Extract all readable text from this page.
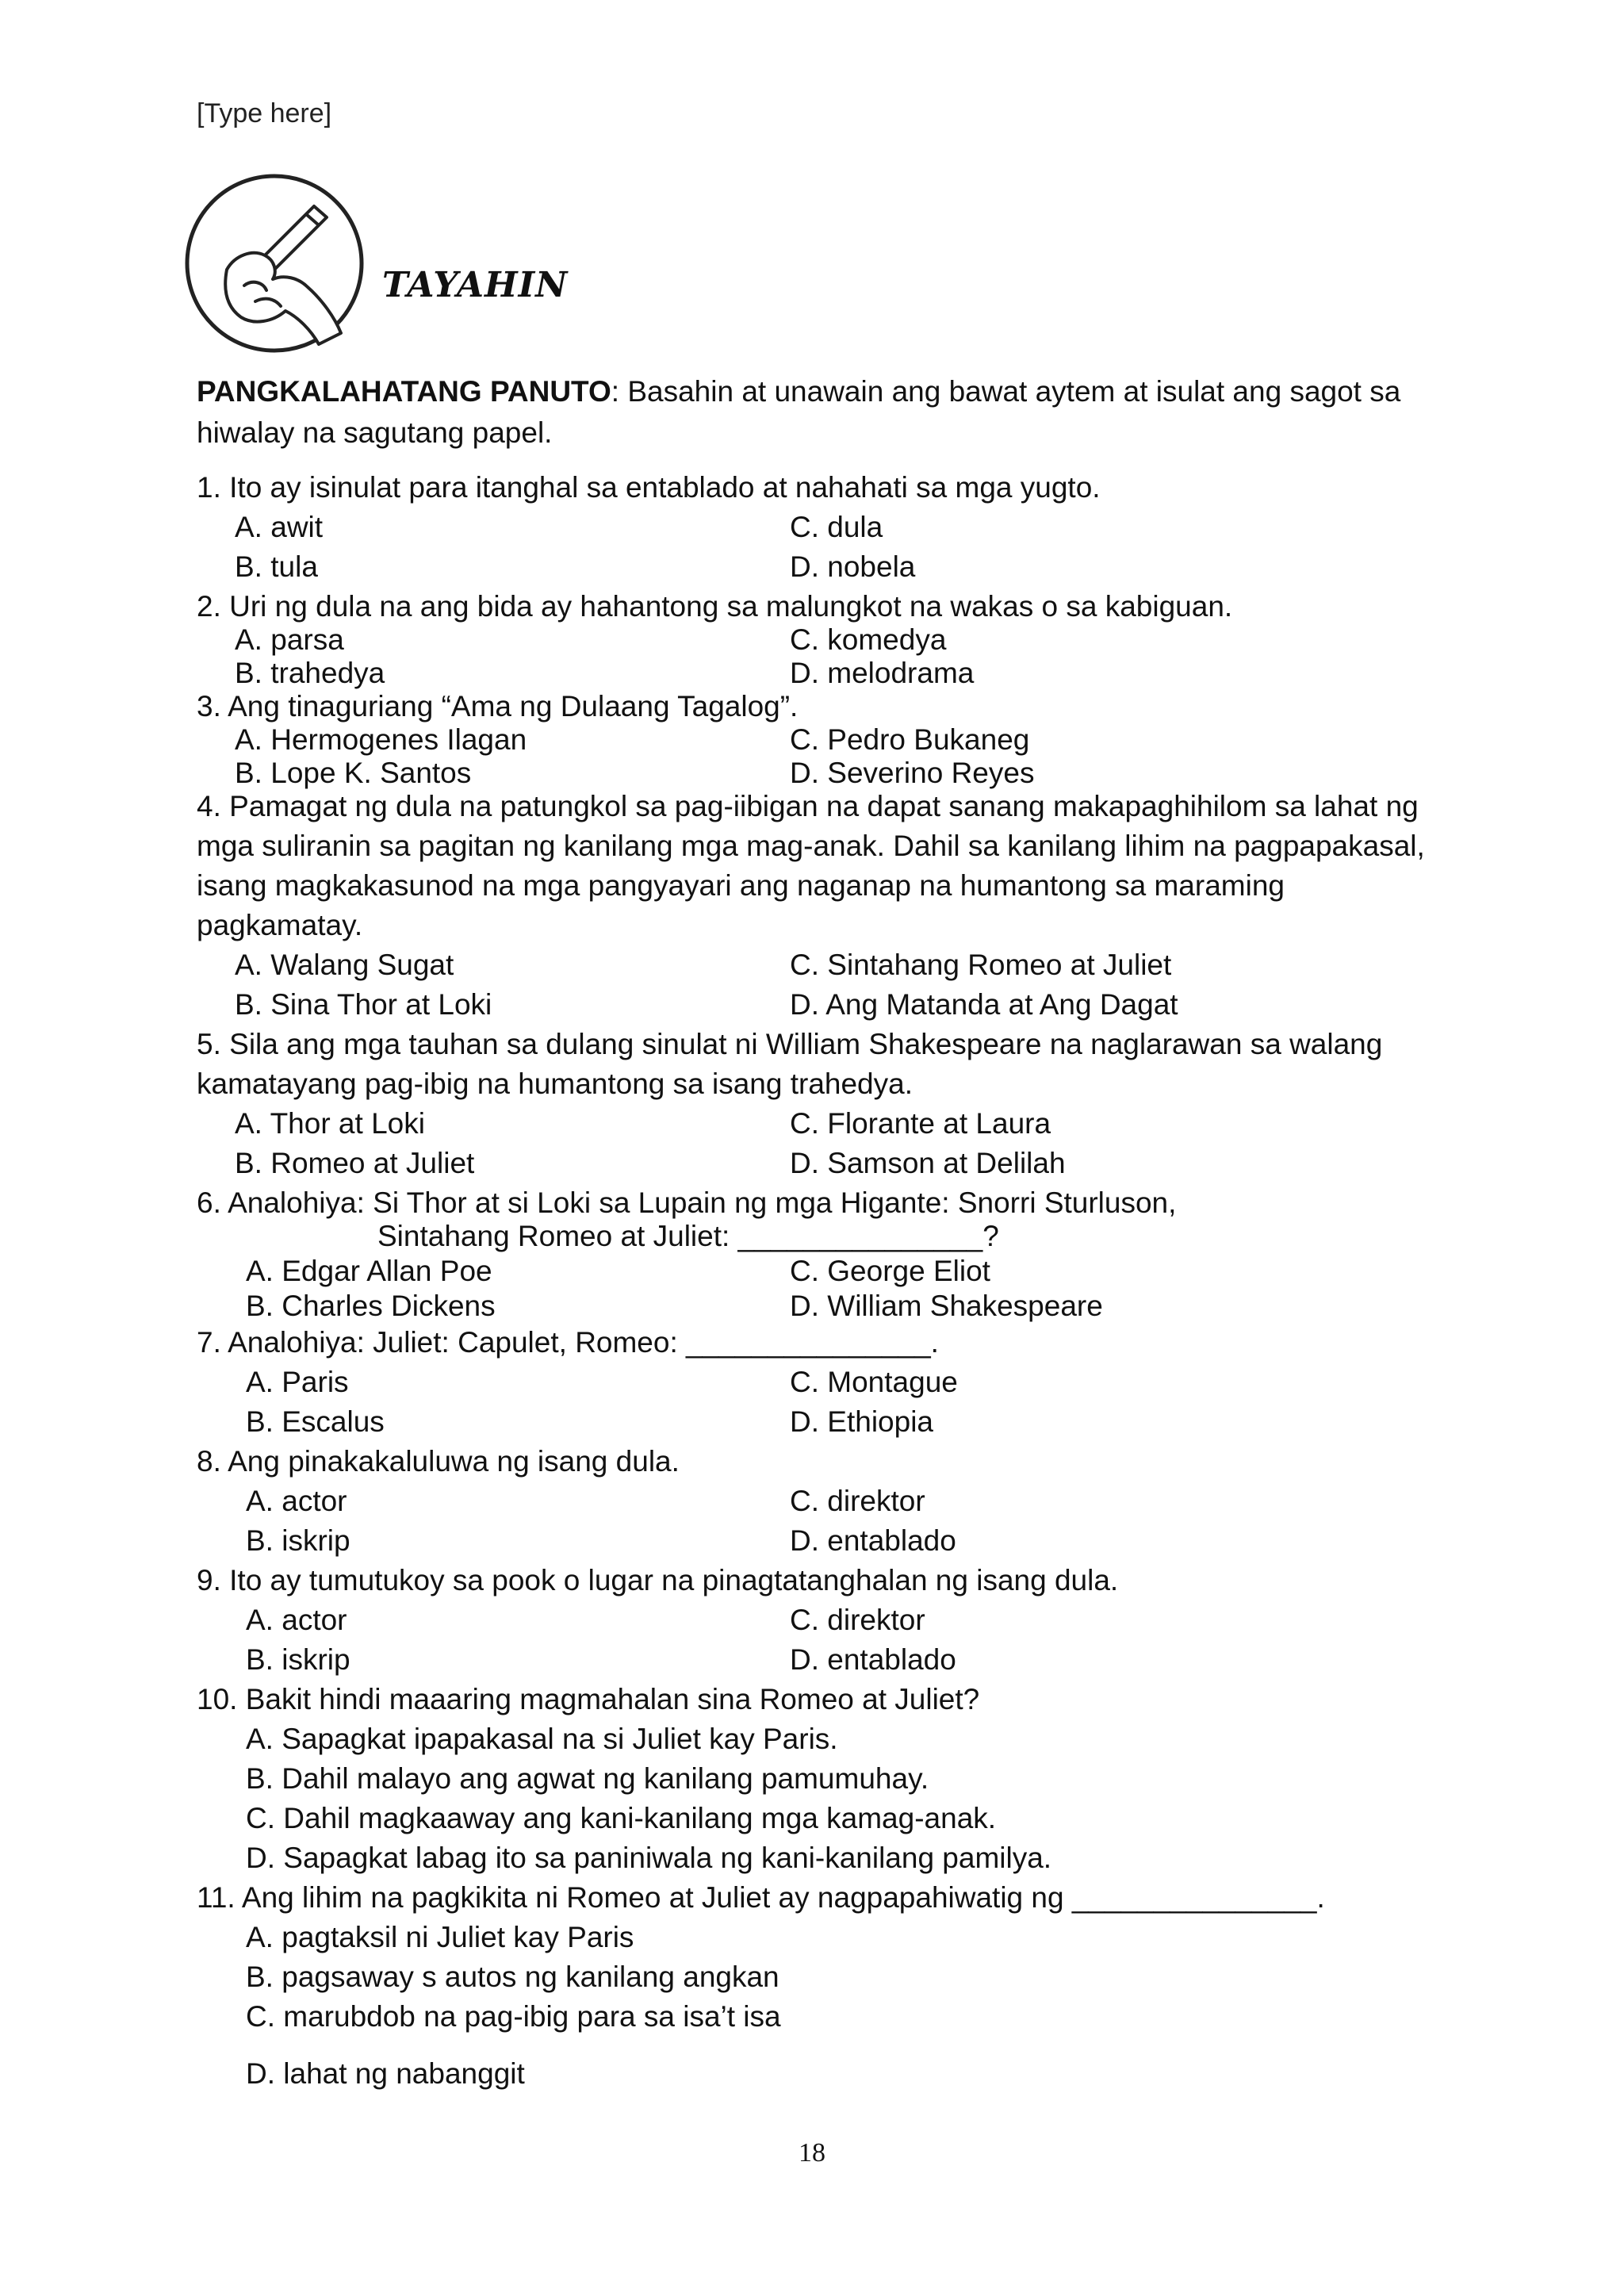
[Type here]
TAYAHIN
PANGKALAHATANG PANUTO: Basahin at unawain ang bawat aytem at isulat ang sagot sa hiwalay na sagutang papel.
1. Ito ay isinulat para itanghal sa entablado at nahahati sa mga yugto.
A. awit	C. dula
B. tula	D. nobela
2. Uri ng dula na ang bida ay hahantong sa malungkot na wakas o sa kabiguan.
A. parsa	C. komedya
B. trahedya	D. melodrama
3. Ang tinaguriang “Ama ng Dulaang Tagalog”.
A. Hermogenes Ilagan	C. Pedro Bukaneg
B. Lope K. Santos	D. Severino Reyes
4. Pamagat ng dula na patungkol sa pag-iibigan na dapat sanang makapaghihilom sa lahat ng mga suliranin sa pagitan ng kanilang mga mag-anak. Dahil sa kanilang lihim na pagpapakasal, isang magkakasunod na mga pangyayari ang naganap na humantong sa maraming pagkamatay.
A. Walang Sugat	C. Sintahang Romeo at Juliet
B. Sina Thor at Loki	D. Ang Matanda at Ang Dagat
5. Sila ang mga tauhan sa dulang sinulat ni William Shakespeare na naglarawan sa walang kamatayang pag-ibig na humantong sa isang trahedya.
A. Thor at Loki	C. Florante at Laura
B. Romeo at Juliet	D. Samson at Delilah
6. Analohiya: Si Thor at si Loki sa Lupain ng mga Higante: Snorri Sturluson,
Sintahang Romeo at Juliet: _______________?
A. Edgar Allan Poe	C. George Eliot
B. Charles Dickens	D. William Shakespeare
7. Analohiya: Juliet: Capulet, Romeo: _______________.
A. Paris	C. Montague
B. Escalus	D. Ethiopia
8. Ang pinakakaluluwa ng isang dula.
A. actor	C. direktor
B. iskrip	D. entablado
9. Ito ay tumutukoy sa pook o lugar na pinagtatanghalan ng isang dula.
A. actor	C. direktor
B. iskrip	D. entablado
10. Bakit hindi maaaring magmahalan sina Romeo at Juliet?
A. Sapagkat ipapakasal na si Juliet kay Paris.
B. Dahil malayo ang agwat ng kanilang pamumuhay.
C. Dahil magkaaway ang kani-kanilang mga kamag-anak.
D. Sapagkat labag ito sa paniniwala ng kani-kanilang pamilya.
11. Ang lihim na pagkikita ni Romeo at Juliet ay nagpapahiwatig ng _______________.
A. pagtaksil ni Juliet kay Paris
B. pagsaway s autos ng kanilang angkan
C. marubdob na pag-ibig para sa isa’t isa
D. lahat ng nabanggit
18
